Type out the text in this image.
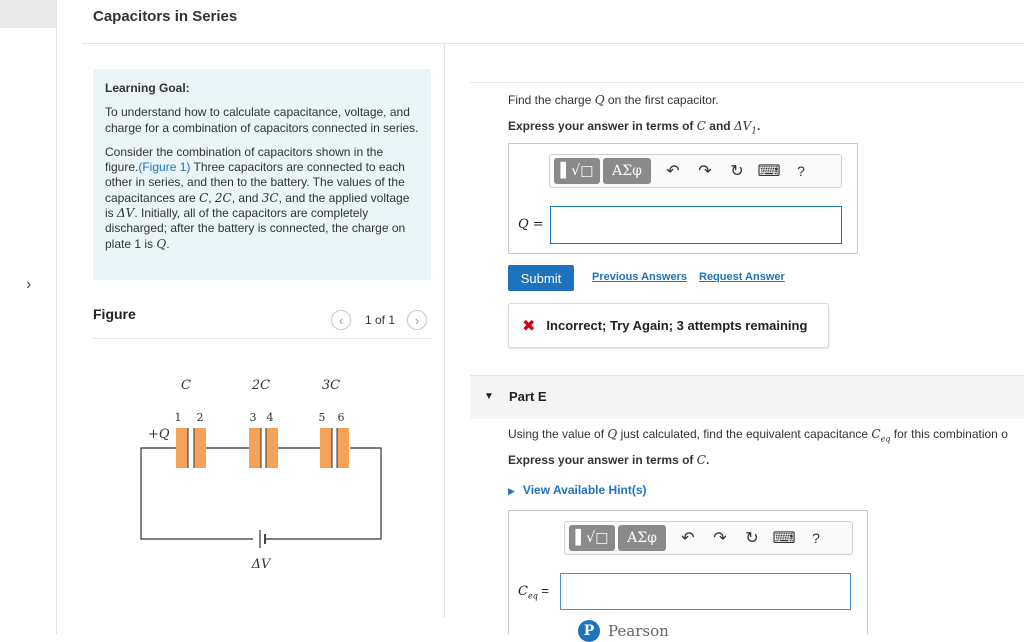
›
Capacitors in Series
Learning Goal:

To understand how to calculate capacitance, voltage, and charge for a combination of capacitors connected in series.

Consider the combination of capacitors shown in the figure.(Figure 1) Three capacitors are connected to each other in series, and then to the battery. The values of the capacitances are C, 2C, and 3C, and the applied voltage is ΔV. Initially, all of the capacitors are completely discharged; after the battery is connected, the charge on plate 1 is Q.

Figure	‹	1 of 1	›
C	2C	3C
+Q
ΔV
1 2	3 4	5 6
Find the charge Q on the first capacitor.
Express your answer in terms of C and $\Delta V_1$.
▌√□	ΑΣφ	↶	↷	↻ ⌨	?
Q =
Submit	Previous Answers Request Answer
✖ Incorrect; Try Again; 3 attempts remaining
▼ Part E
Using the value of Q just calculated, find the equivalent capacitance $C_{eq}$ for this combination o
Express your answer in terms of C.
▶ View Available Hint(s)
▌√□	ΑΣφ	↶	↷	↻ ⌨	?
$C_{eq}$ =
P Pearson
